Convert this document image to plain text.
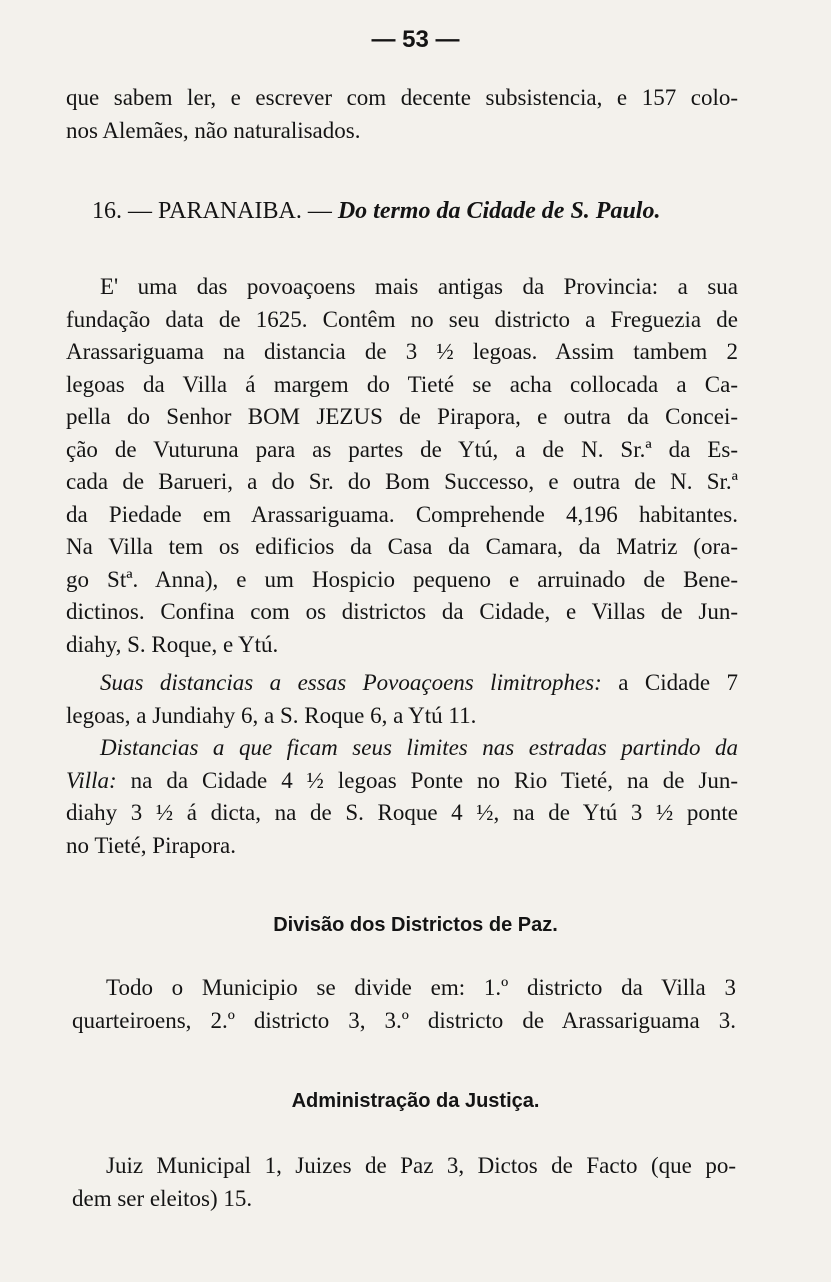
— 53 —
que sabem ler, e escrever com decente subsistencia, e 157 colo-
nos Alemães, não naturalisados.
16. — PARANAIBA. — Do termo da Cidade de S. Paulo.
E' uma das povoaçoens mais antigas da Provincia: a sua
fundação data de 1625. Contêm no seu districto a Freguezia de
Arassariguama na distancia de 3 ½ legoas. Assim tambem 2
legoas da Villa á margem do Tieté se acha collocada a Ca-
pella do Senhor BOM JEZUS de Pirapora, e outra da Concei-
ção de Vuturuna para as partes de Ytú, a de N. Sr.ª da Es-
cada de Barueri, a do Sr. do Bom Successo, e outra de N. Sr.ª
da Piedade em Arassariguama. Comprehende 4,196 habitantes.
Na Villa tem os edificios da Casa da Camara, da Matriz (ora-
go Stª. Anna), e um Hospicio pequeno e arruinado de Bene-
dictinos. Confina com os districtos da Cidade, e Villas de Jun-
diahy, S. Roque, e Ytú.
Suas distancias a essas Povoaçoens limitrophes: a Cidade 7
legoas, a Jundiahy 6, a S. Roque 6, a Ytú 11.
Distancias a que ficam seus limites nas estradas partindo da
Villa: na da Cidade 4 ½ legoas Ponte no Rio Tieté, na de Jun-
diahy 3 ½ á dicta, na de S. Roque 4 ½, na de Ytú 3 ½ ponte
no Tieté, Pirapora.
Divisão dos Districtos de Paz.
Todo o Municipio se divide em: 1.º districto da Villa 3
quarteiroens, 2.º districto 3, 3.º districto de Arassariguama 3.
Administração da Justiça.
Juiz Municipal 1, Juizes de Paz 3, Dictos de Facto (que po-
dem ser eleitos) 15.
